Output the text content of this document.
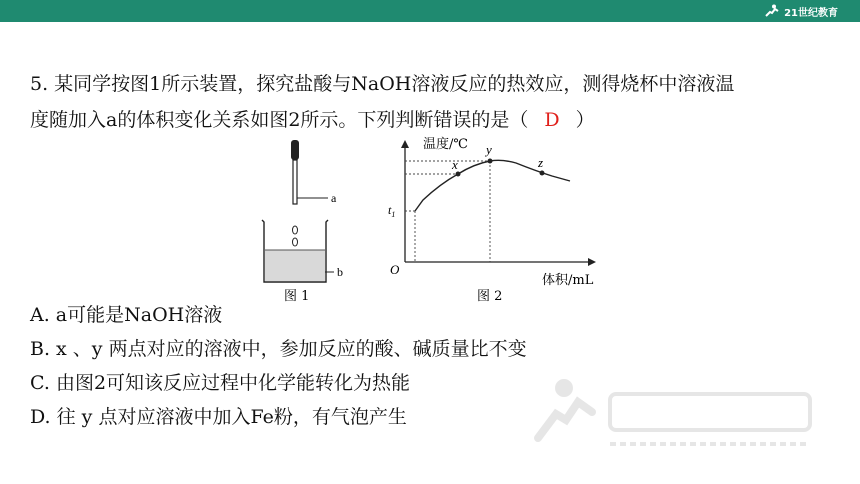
21世纪教育
5. 某同学按图1所示装置，探究盐酸与NaOH溶液反应的热效应，测得烧杯中溶液温
度随加入a的体积变化关系如图2所示。下列判断错误的是（ D ）
a
b
图 1
温度/℃
体积/mL
O
$t_1$
x
y
z
图 2
A. a可能是NaOH溶液
B. x 、y 两点对应的溶液中，参加反应的酸、碱质量比不变
C. 由图2可知该反应过程中化学能转化为热能
D. 往 y 点对应溶液中加入Fe粉，有气泡产生
